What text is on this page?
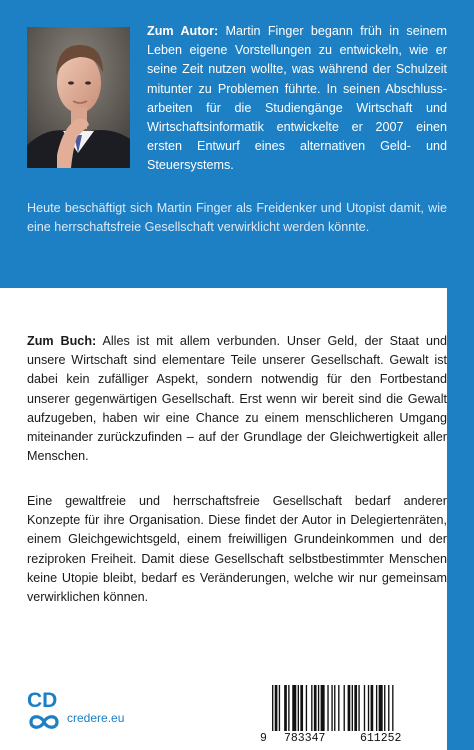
Zum Autor: Martin Finger begann früh in seinem Leben eigene Vorstellungen zu entwickeln, wie er seine Zeit nutzen wollte, was während der Schulzeit mitunter zu Problemen führte. In seinen Abschluss-arbeiten für die Studiengänge Wirtschaft und Wirtschaftsinformatik entwickelte er 2007 einen ersten Entwurf eines alternativen Geld- und Steuersystems.

Heute beschäftigt sich Martin Finger als Freidenker und Utopist damit, wie eine herrschaftsfreie Gesellschaft verwirklicht werden könnte.

Zum Buch: Alles ist mit allem verbunden. Unser Geld, der Staat und unsere Wirtschaft sind elementare Teile unserer Gesellschaft. Gewalt ist dabei kein zufälliger Aspekt, sondern notwendig für den Fortbestand unserer gegenwärtigen Gesellschaft. Erst wenn wir bereit sind die Gewalt aufzugeben, haben wir eine Chance zu einem menschlicheren Umgang miteinander zurückzufinden – auf der Grundlage der Gleichwertigkeit aller Menschen.

Eine gewaltfreie und herrschaftsfreie Gesellschaft bedarf anderer Konzepte für ihre Organisation. Diese findet der Autor in Delegiertenräten, einem Gleichgewichtsgeld, einem freiwilligen Grundeinkommen und der reziproken Freiheit. Damit diese Gesellschaft selbstbestimmter Menschen keine Utopie bleibt, bedarf es Veränderungen, welche wir nur gemeinsam verwirklichen können.

CD
credere.eu
9 783347	611252
